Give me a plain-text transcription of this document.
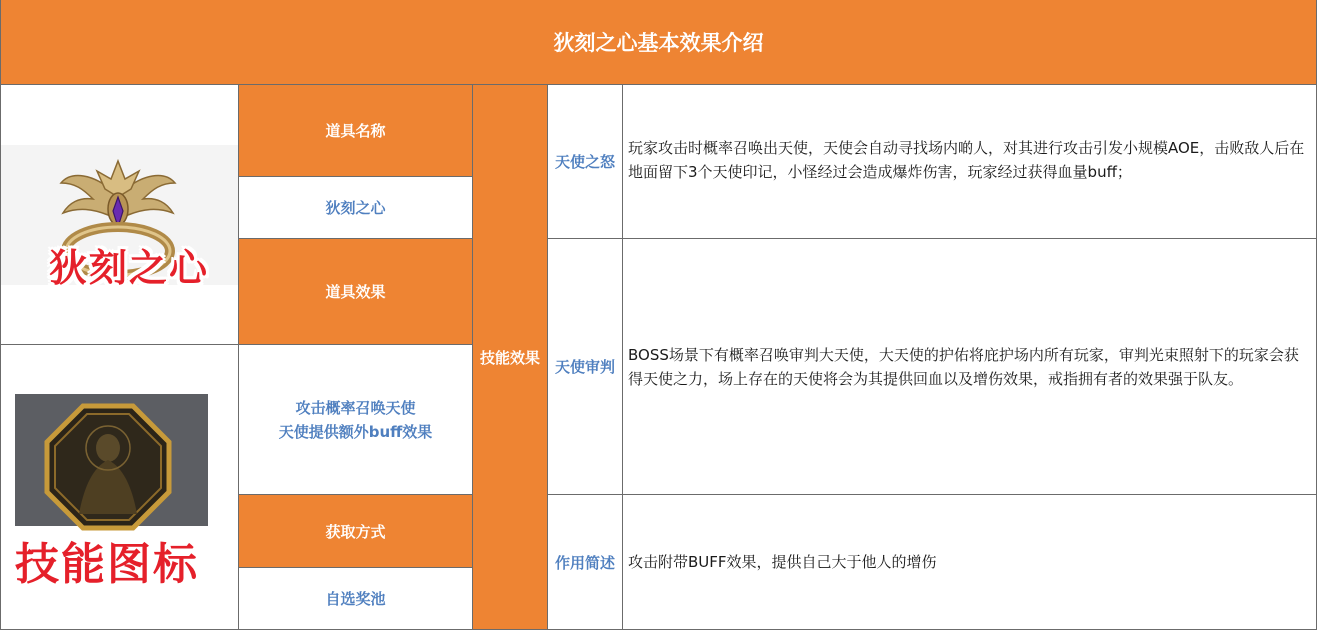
狄刻之心基本效果介绍
狄刻之心
技能图标
道具名称
狄刻之心
道具效果
攻击概率召唤天使
天使提供额外buff效果
获取方式
自选奖池
技能效果
天使之怒
玩家攻击时概率召唤出天使，天使会自动寻找场内啲人，对其进行攻击引发小规模AOE，击败敌人后在地面留下3个天使印记，小怪经过会造成爆炸伤害，玩家经过获得血量buff；
天使审判
BOSS场景下有概率召唤审判大天使，大天使的护佑将庇护场内所有玩家，审判光束照射下的玩家会获得天使之力，场上存在的天使将会为其提供回血以及增伤效果，戒指拥有者的效果强于队友。
作用简述 攻击附带BUFF效果，提供自己大于他人的增伤
